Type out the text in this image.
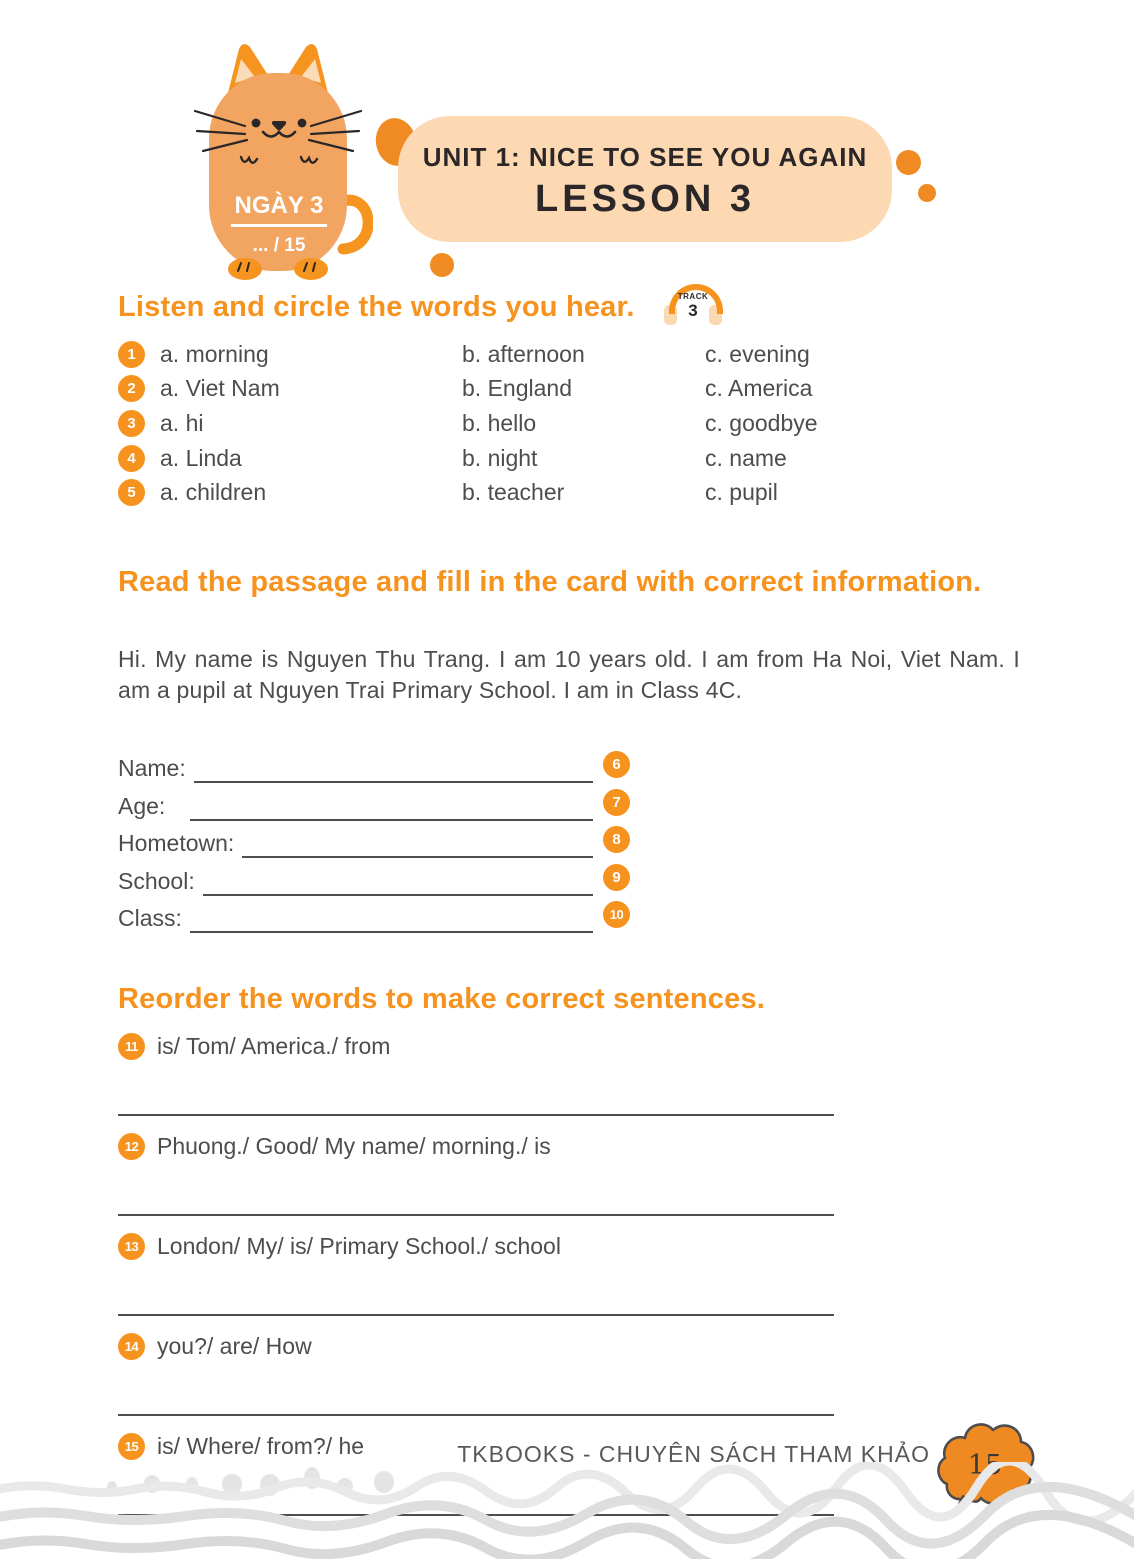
NGÀY 3
... / 15
UNIT 1: NICE TO SEE YOU AGAIN
LESSON 3
Listen and circle the words you hear.	TRACK
3
1	a. morning	b. afternoon	c. evening
2	a. Viet Nam	b. England	c. America
3	a. hi	b. hello	c. goodbye
4	a. Linda	b. night	c. name
5	a. children	b. teacher	c. pupil
Read the passage and fill in the card with correct information.
Hi. My name is Nguyen Thu Trang. I am 10 years old. I am from Ha Noi, Viet Nam. I am a pupil at Nguyen Trai Primary School. I am in Class 4C.
Name:	6
Age:	7
Hometown:	8
School:	9
Class:	10
Reorder the words to make correct sentences.
11 is/ Tom/ America./ from
12 Phuong./ Good/ My name/ morning./ is
13 London/ My/ is/ Primary School./ school
14 you?/ are/ How
15 is/ Where/ from?/ he	TKBOOKS - CHUYÊN SÁCH THAM KHẢO 15
